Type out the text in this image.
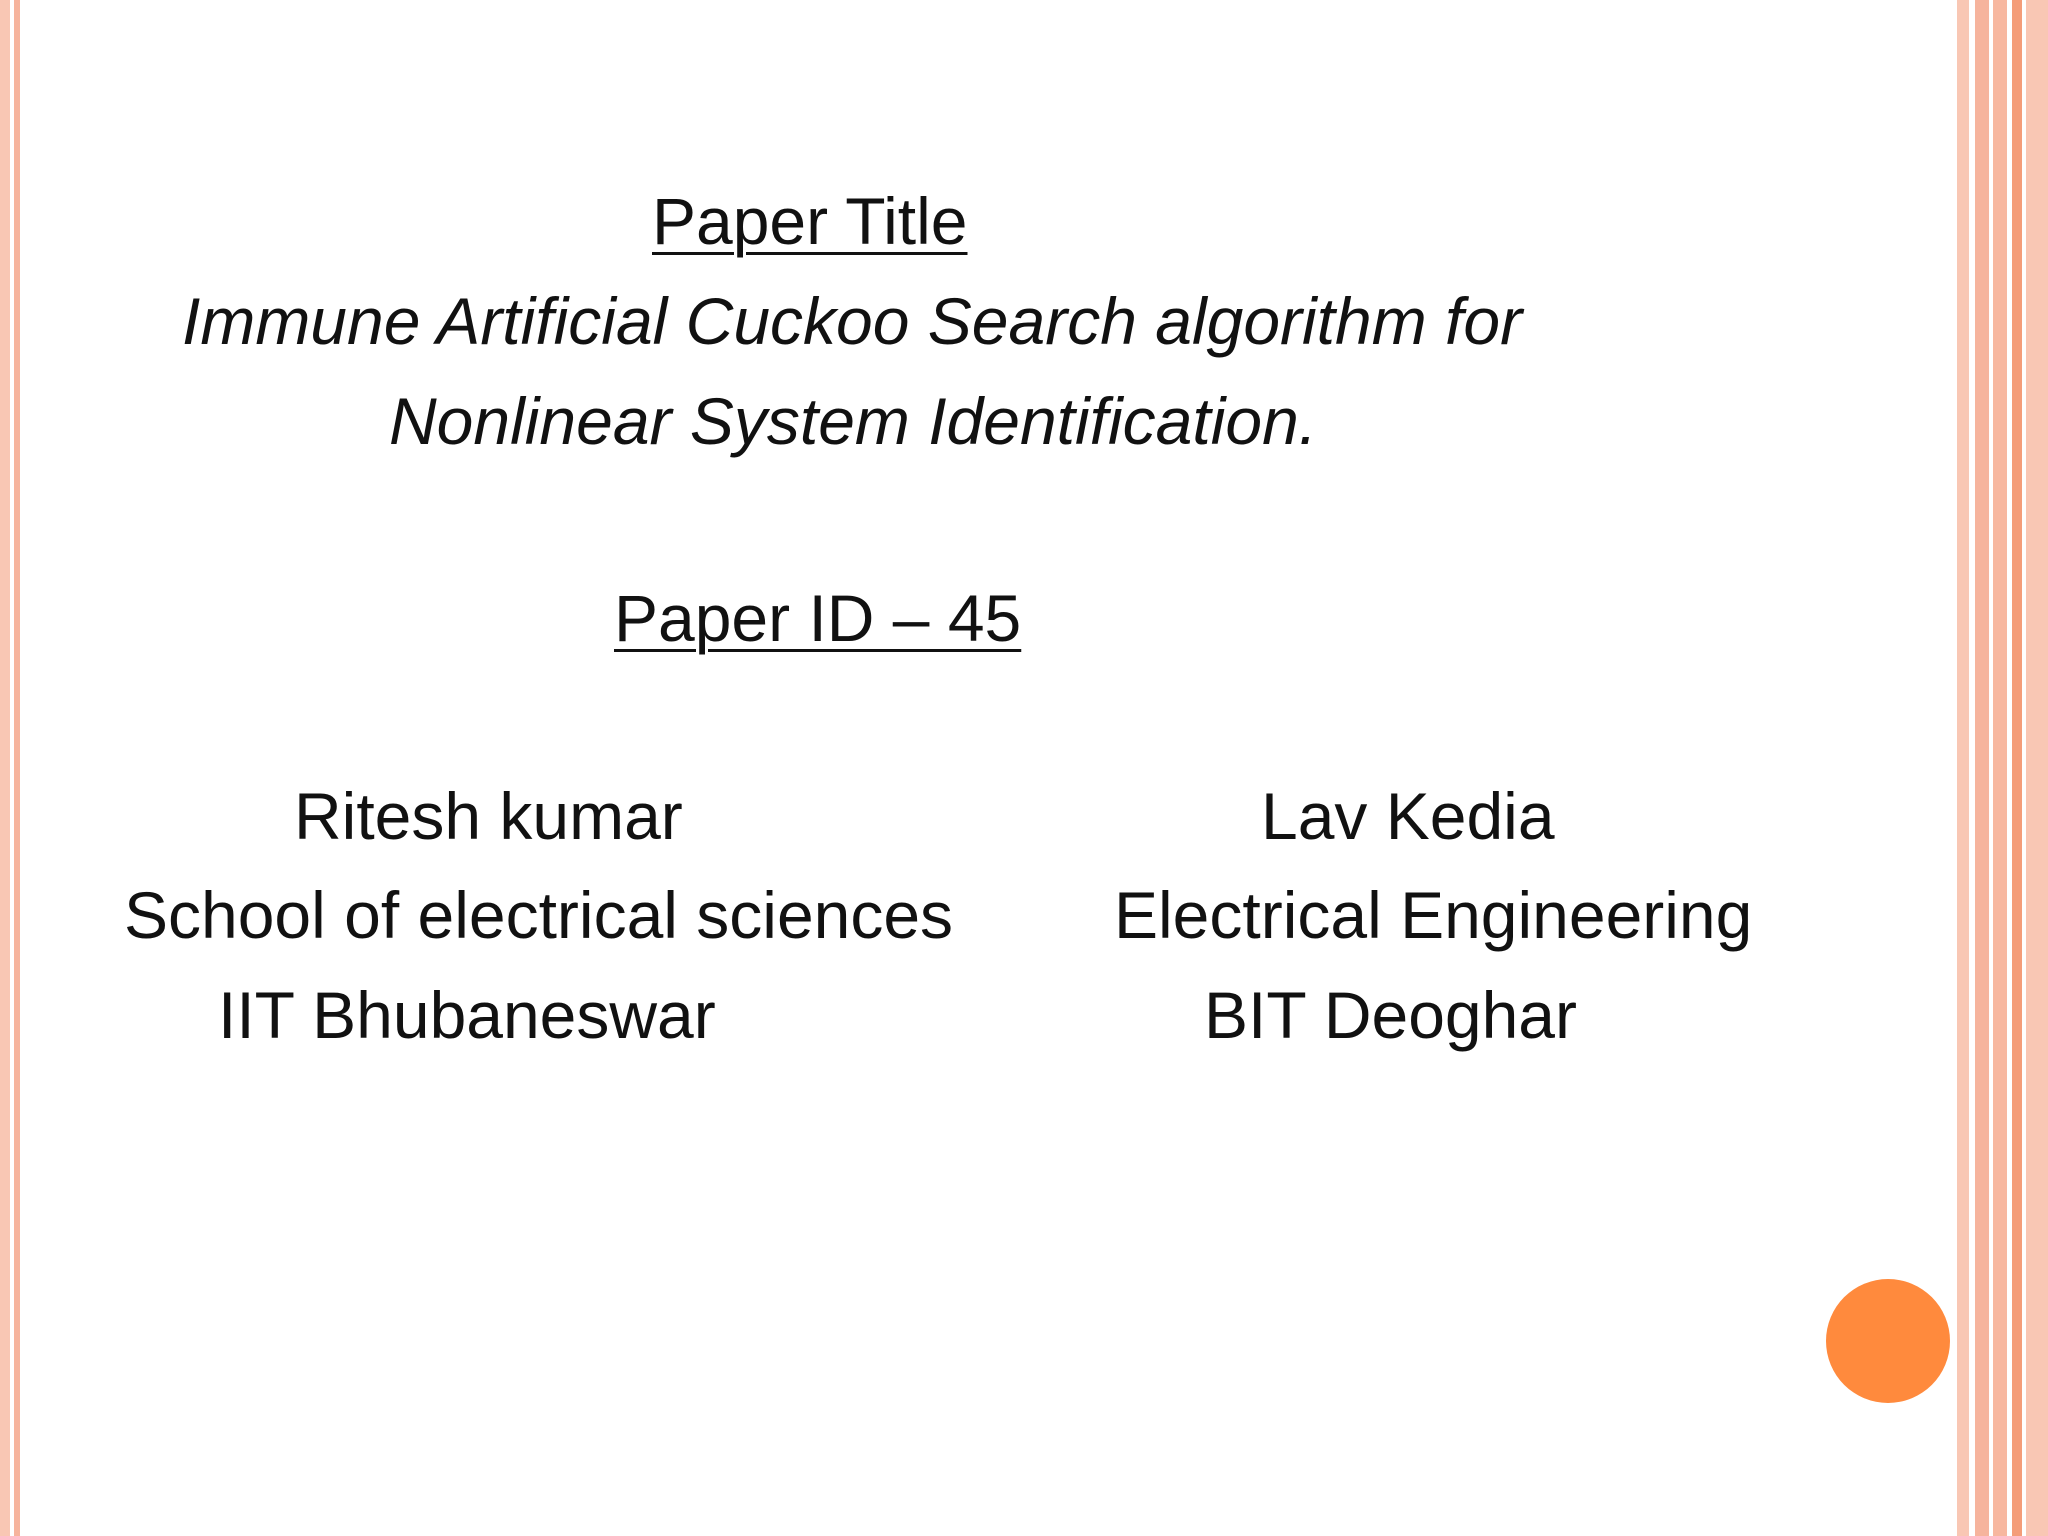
Paper Title
Immune Artificial Cuckoo Search algorithm for
Nonlinear System Identification.
Paper ID – 45
Ritesh kumar
School of electrical sciences
IIT Bhubaneswar
Lav Kedia
Electrical Engineering
BIT Deoghar
